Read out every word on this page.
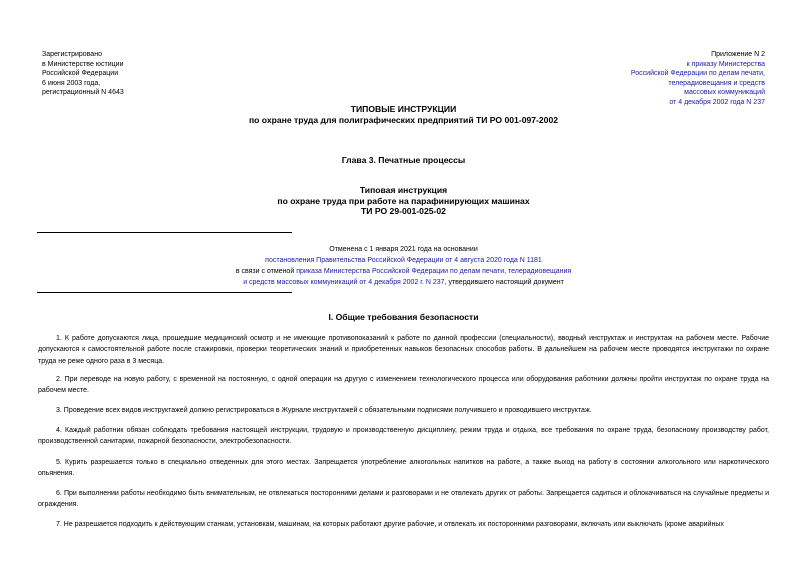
Зарегистрировано
в Министерстве юстиции
Российской Федерации
6 июня 2003 года,
регистрационный N 4643
Приложение N 2
к приказу Министерства
Российской Федерации по делам печати,
телерадиовещания и средств
массовых коммуникаций
от 4 декабря 2002 года N 237
ТИПОВЫЕ ИНСТРУКЦИИ
по охране труда для полиграфических предприятий ТИ РО 001-097-2002
Глава 3. Печатные процессы
Типовая инструкция
по охране труда при работе на парафинирующих машинах
ТИ РО 29-001-025-02
Отменена с 1 января 2021 года на основании
постановления Правительства Российской Федерации от 4 августа 2020 года N 1181
в связи с отменой приказа Министерства Российской Федерации по делам печати, телерадиовещания
и средств массовых коммуникаций от 4 декабря 2002 г. N 237, утвердившего настоящий документ
I. Общие требования безопасности
1. К работе допускаются лица, прошедшие медицинский осмотр и не имеющие противопоказаний к работе по данной профессии (специальности), вводный инструктаж и инструктаж на рабочем месте. Рабочие допускаются к самостоятельной работе после стажировки, проверки теоретических знаний и приобретенных навыков безопасных способов работы. В дальнейшем на рабочем месте проводятся инструктажи по охране труда не реже одного раза в 3 месяца.
2. При переводе на новую работу, с временной на постоянную, с одной операции на другую с изменением технологического процесса или оборудования работники должны пройти инструктаж по охране труда на рабочем месте.
3. Проведение всех видов инструктажей должно регистрироваться в Журнале инструктажей с обязательными подписями получившего и проводившего инструктаж.
4. Каждый работник обязан соблюдать требования настоящей инструкции, трудовую и производственную дисциплину, режим труда и отдыха, все требования по охране труда, безопасному производству работ, производственной санитарии, пожарной безопасности, электробезопасности.
5. Курить разрешается только в специально отведенных для этого местах. Запрещается употребление алкогольных напитков на работе, а также выход на работу в состоянии алкогольного или наркотического опьянения.
6. При выполнении работы необходимо быть внимательным, не отвлекаться посторонними делами и разговорами и не отвлекать других от работы. Запрещается садиться и облокачиваться на случайные предметы и ограждения.
7. Не разрешается подходить к действующим станкам, установкам, машинам, на которых работают другие рабочие, и отвлекать их посторонними разговорами, включать или выключать (кроме аварийных
